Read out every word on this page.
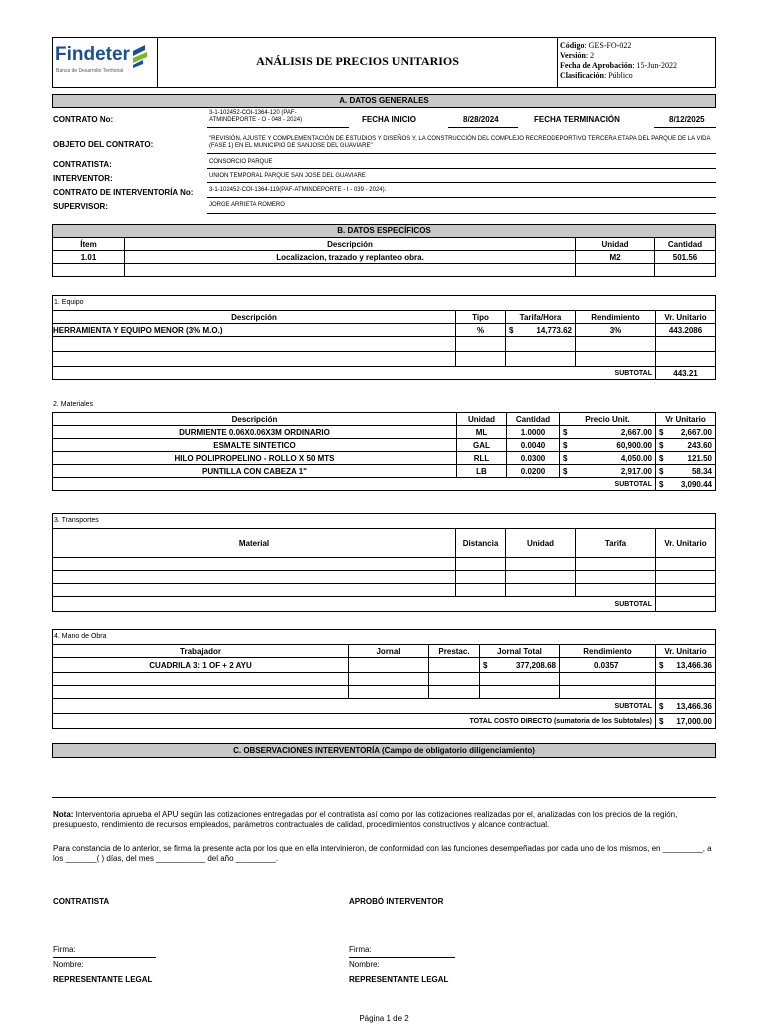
Findeter
Banca de Desarrollo Territorial
ANÁLISIS DE PRECIOS UNITARIOS
Código: GES-FO-022
Versión: 2
Fecha de Aprobación: 15-Jun-2022
Clasificación: Público
A. DATOS GENERALES
CONTRATO No:
3-1-102452-COI-1364-120 (PAF-ATMINDEPORTE - O - 048 - 2024)	FECHA INICIO	8/28/2024	FECHA TERMINACIÓN	8/12/2025
OBJETO DEL CONTRATO:
"REVISIÓN, AJUSTE Y COMPLEMENTACIÓN DE ESTUDIOS Y DISEÑOS Y, LA CONSTRUCCIÓN DEL COMPLEJO RECREODEPORTIVO TERCERA ETAPA DEL PARQUE DE LA VIDA (FASE 1) EN EL MUNICIPIO DE SANJOSE DEL GUAVIARE"
CONTRATISTA:	CONSORCIO PARQUE
INTERVENTOR:	UNION TEMPORAL PARQUE SAN JOSE DEL GUAVIARE
CONTRATO DE INTERVENTORÍA No:	3-1-102452-COI-1364-119(PAF-ATMINDEPORTE - I - 039 - 2024).
SUPERVISOR:	JORGE ARRIETA ROMERO
B. DATOS ESPECÍFICOS
Ítem	Descripción	Unidad	Cantidad
1.01	Localizacion, trazado y replanteo obra.	M2	501.56

1. Equipo
Descripción	Tipo	Tarifa/Hora	Rendimiento	Vr. Unitario
HERRAMIENTA Y EQUIPO MENOR (3% M.O.)	%	$ 14,773.62	3%	443.2086

SUBTOTAL				443.21
2. Materiales
Descripción	Unidad	Cantidad	Precio Unit.	Vr Unitario
DURMIENTE 0.06X0.06X3M ORDINARIO	ML	1.0000	$ 2,667.00	$ 2,667.00

ESMALTE SINTETICO	GAL	0.0040	$ 60,900.00	$ 243.60

HILO POLIPROPELINO - ROLLO X 50 MTS	RLL	0.0300	$ 4,050.00	$ 121.50

PUNTILLA CON CABEZA 1"	LB	0.0200	$ 2,917.00	$ 58.34

SUBTOTAL				$ 3,090.44
3. Transportes
Material	Distancia	Unidad	Tarifa	Vr. Unitario

SUBTOTAL				
4. Mano de Obra
Trabajador	Jornal	Prestac.	Jornal Total	Rendimiento	Vr. Unitario
CUADRILA 3: 1 OF + 2 AYU			$ 377,208.68	0.0357	$ 13,466.36

SUBTOTAL					$ 13,466.36

TOTAL COSTO DIRECTO (sumatoria de los Subtotales)					$ 17,000.00
C. OBSERVACIONES INTERVENTORÍA (Campo de obligatorio diligenciamiento)
Nota: Interventoria aprueba el APU según las cotizaciones entregadas por el contratista así como por las cotizaciones realizadas por el, analizadas con los precios de la región, presupuesto, rendimiento de recursos empleados, parámetros contractuales de calidad, procedimientos constructivos y alcance contractual.
Para constancia de lo anterior, se firma la presente acta por los que en ella intervinieron, de conformidad con las funciones desempeñadas por cada uno de los mismos, en _________, a los _______( ) días, del mes ___________ del año _________.
CONTRATISTA	APROBÓ INTERVENTOR
Firma:
Nombre:
REPRESENTANTE LEGAL
Firma:
Nombre:
REPRESENTANTE LEGAL
Página 1 de 2
